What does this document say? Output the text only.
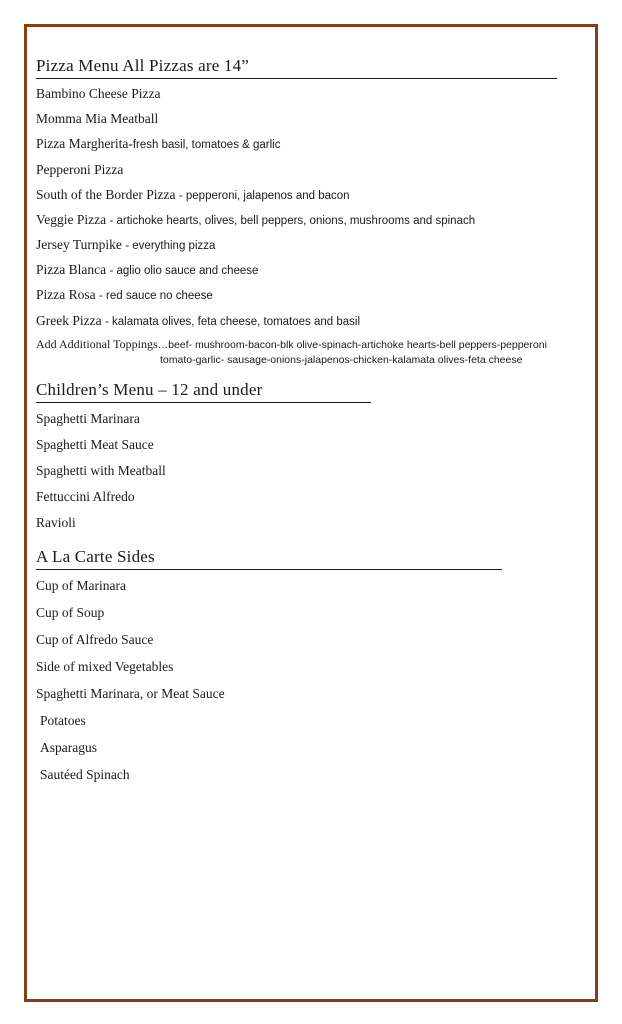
Pizza Menu All Pizzas are 14”

Bambino Cheese Pizza

Momma Mia Meatball

Pizza Margherita-fresh basil, tomatoes & garlic

Pepperoni Pizza

South of the Border Pizza - pepperoni, jalapenos and bacon

Veggie Pizza - artichoke hearts, olives, bell peppers, onions, mushrooms and spinach

Jersey Turnpike - everything pizza

Pizza Blanca - aglio olio sauce and cheese

Pizza Rosa - red sauce no cheese

Greek Pizza - kalamata olives, feta cheese, tomatoes and basil

Add Additional Toppings…beef- mushroom-bacon-blk olive-spinach-artichoke hearts-bell peppers-pepperoni

tomato-garlic- sausage-onions-jalapenos-chicken-kalamata olives-feta cheese

Children’s Menu – 12 and under

Spaghetti Marinara

Spaghetti Meat Sauce

Spaghetti with Meatball

Fettuccini Alfredo

Ravioli

A La Carte Sides

Cup of Marinara

Cup of Soup

Cup of Alfredo Sauce

Side of mixed Vegetables

Spaghetti Marinara, or Meat Sauce

Potatoes

Asparagus

Sautéed Spinach
